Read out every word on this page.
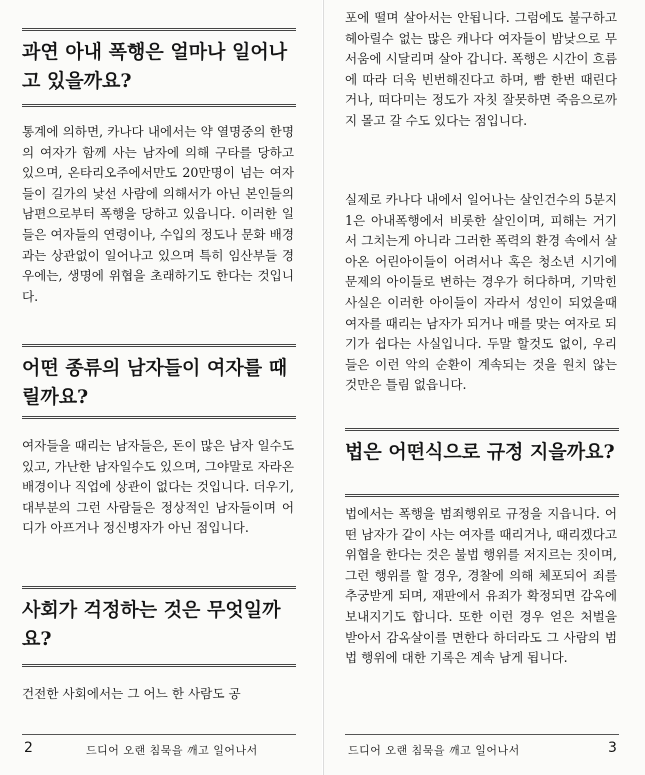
과연 아내 폭행은 얼마나 일어나고 있을까요?

통계에 의하면, 카나다 내에서는 약 열명중의 한명의 여자가 함께 사는 남자에 의해 구타를 당하고 있으며, 온타리오주에서만도 20만명이 넘는 여자들이 길가의 낯선 사람에 의해서가 아닌 본인들의 남편으로부터 폭행을 당하고 있읍니다. 이러한 일들은 여자들의 연령이나, 수입의 정도나 문화 배경과는 상관없이 일어나고 있으며 특히 임산부들 경우에는, 생명에 위협을 초래하기도 한다는 것입니다.

어떤 종류의 남자들이 여자를 때릴까요?

여자들을 때리는 남자들은, 돈이 많은 남자 일수도 있고, 가난한 남자일수도 있으며, 그야말로 자라온 배경이나 직업에 상관이 없다는 것입니다. 더우기, 대부분의 그런 사람들은 정상적인 남자들이며 어디가 아프거나 정신병자가 아닌 점입니다.

사회가 걱정하는 것은 무엇일까요?

건전한 사회에서는 그 어느 한 사람도 공

2	드디어 오랜 침묵을 깨고 일어나서

포에 떨며 살아서는 안됩니다. 그럼에도 불구하고 헤아릴수 없는 많은 캐나다 여자들이 밤낮으로 무서움에 시달리며 살아 갑니다. 폭행은 시간이 흐름에 따라 더욱 빈번해진다고 하며, 빰 한번 때린다거나, 떠다미는 정도가 자칫 잘못하면 죽음으로까지 몰고 갈 수도 있다는 점입니다.

실제로 카나다 내에서 일어나는 살인건수의 5분지 1은 아내폭행에서 비롯한 살인이며, 피해는 거기서 그치는게 아니라 그러한 폭력의 환경 속에서 살아온 어린아이들이 어려서나 혹은 청소년 시기에 문제의 아이들로 변하는 경우가 허다하며, 기막힌 사실은 이러한 아이들이 자라서 성인이 되었을때 여자를 때리는 남자가 되거나 매를 맞는 여자로 되기가 쉽다는 사실입니다. 두말 할것도 없이, 우리들은 이런 악의 순환이 계속되는 것을 원치 않는 것만은 틀림 없읍니다.

법은 어떤식으로 규정 지을까요?

법에서는 폭행을 범죄행위로 규정을 지읍니다. 어떤 남자가 같이 사는 여자를 때리거나, 때리겠다고 위협을 한다는 것은 불법 행위를 저지르는 짓이며, 그런 행위를 할 경우, 경찰에 의해 체포되어 죄를 추궁받게 되며, 재판에서 유죄가 확정되면 감옥에 보내지기도 합니다. 또한 이런 경우 얻은 처벌을 받아서 감옥살이를 면한다 하더라도 그 사람의 범법 행위에 대한 기록은 계속 남게 됩니다.

드디어 오랜 침묵을 깨고 일어나서	3
